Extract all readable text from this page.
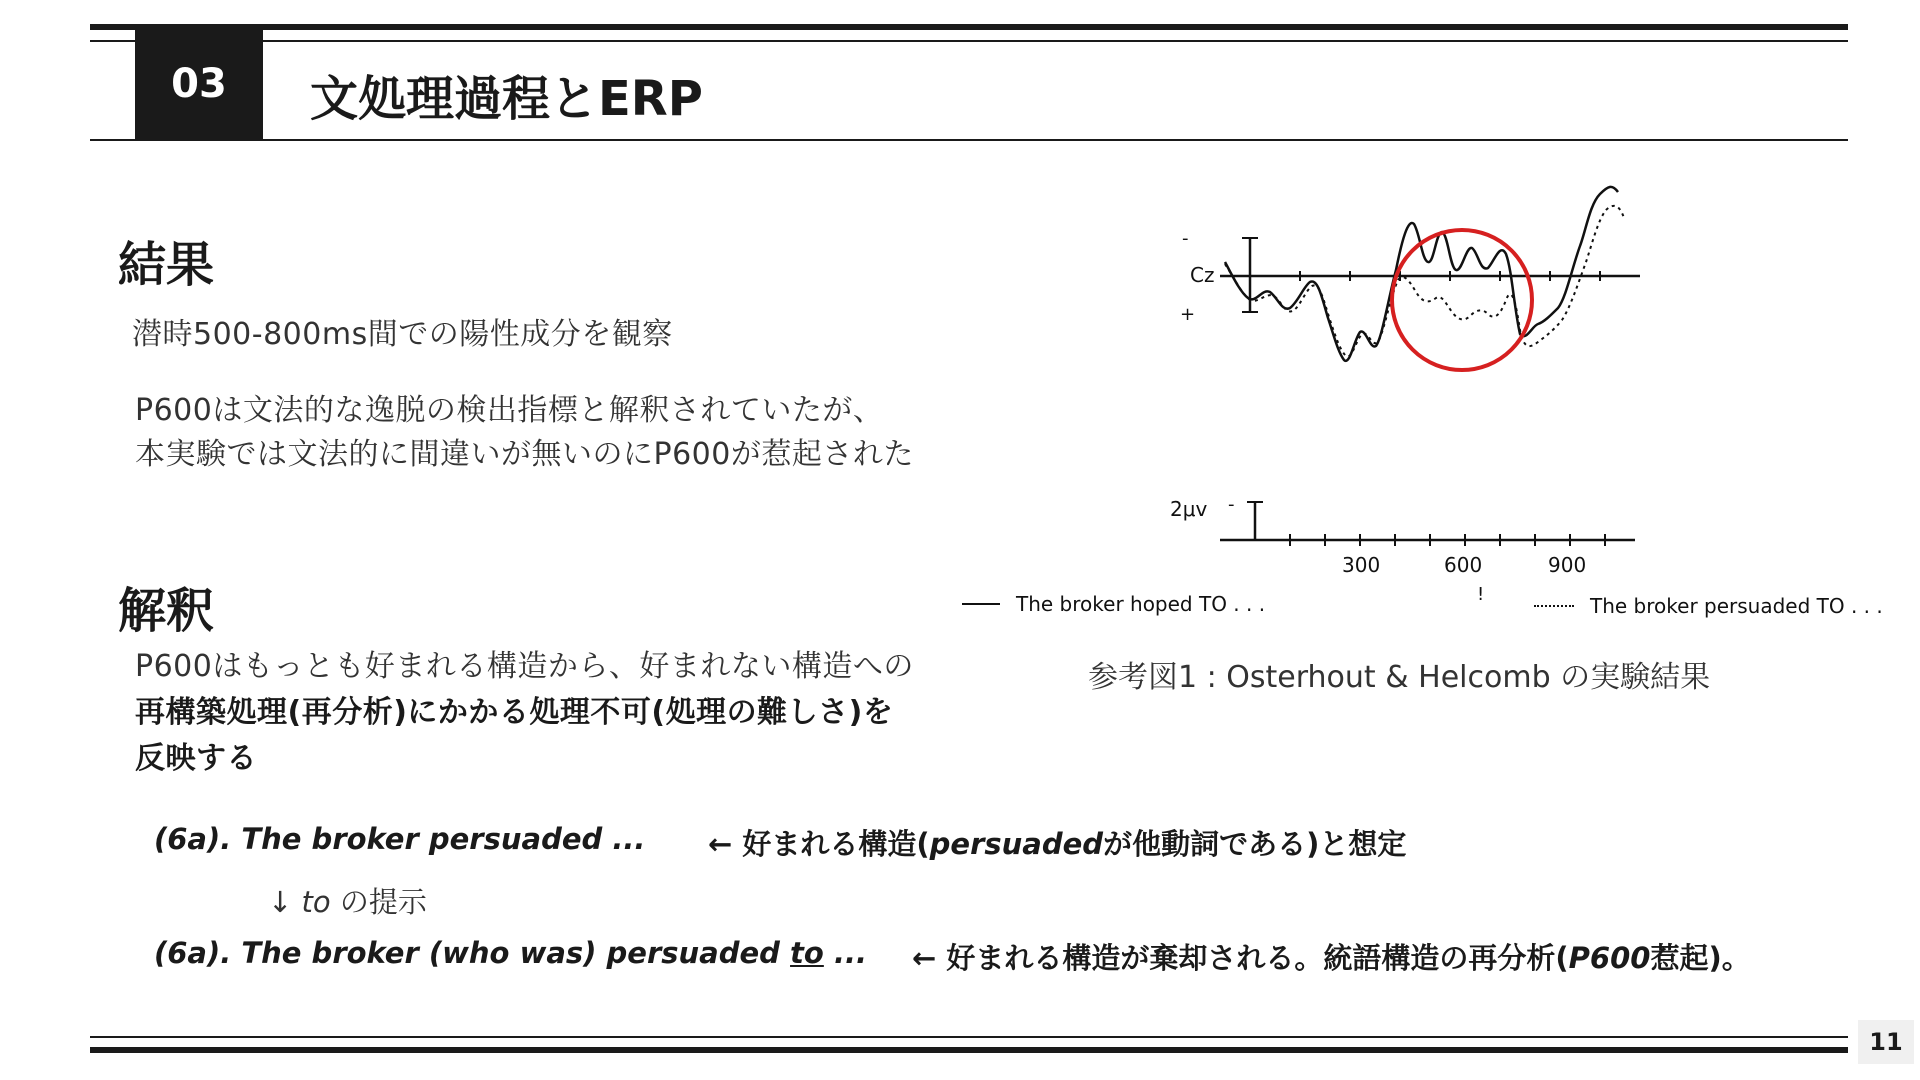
03	文処理過程とERP
結果
潜時500-800ms間での陽性成分を観察
P600は文法的な逸脱の検出指標と解釈されていたが、
本実験では文法的に間違いが無いのにP600が惹起された
解釈
P600はもっとも好まれる構造から、好まれない構造への
再構築処理(再分析)にかかる処理不可(処理の難しさ)を
反映する
(6a). The broker persuaded ... ← 好まれる構造(persuadedが他動詞である)と想定
↓ to の提示
(6a). The broker (who was) persuaded to ... ← 好まれる構造が棄却される。統語構造の再分析(P600惹起)。
Cz
-
+
2μv -
300	600	900
!
The broker hoped TO . . .	The broker persuaded TO . . .
参考図1 : Osterhout & Helcomb の実験結果
11
